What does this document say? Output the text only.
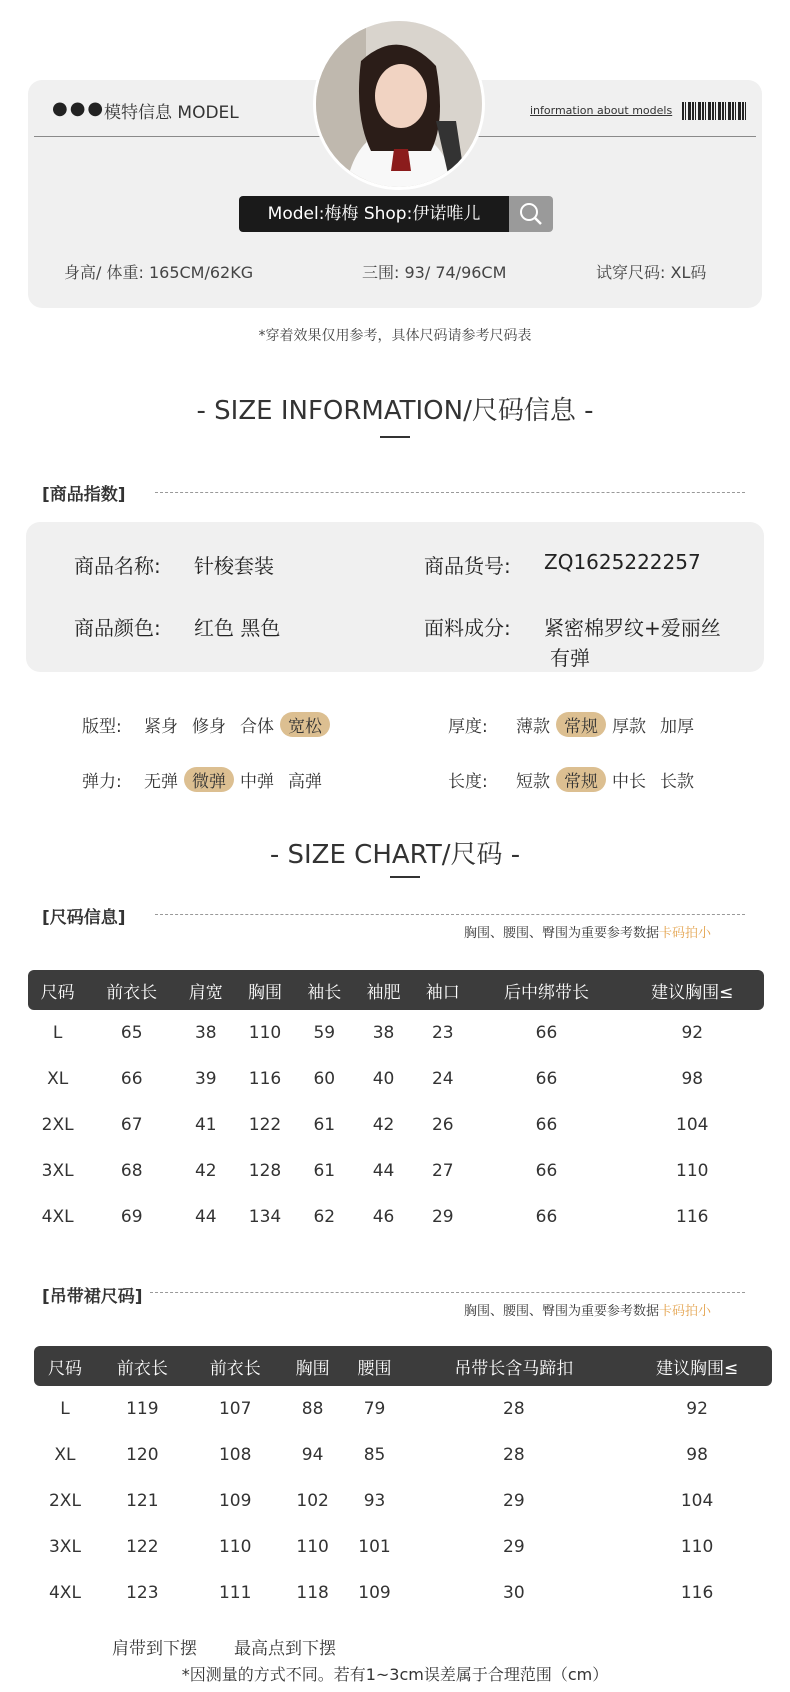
●●●
模特信息 MODEL	information about models
Model:梅梅 Shop:伊诺唯儿
身高/ 体重: 165CM/62KG	三围: 93/ 74/96CM	试穿尺码: XL码
*穿着效果仅用参考，具体尺码请参考尺码表
- SIZE INFORMATION/尺码信息 -
[商品指数]
商品名称: 针梭套装	商品货号: ZQ1625222257
商品颜色: 红色 黑色	面料成分: 紧密棉罗纹+爱丽丝
有弹
版型: 紧身 修身 合体 宽松	厚度: 薄款 常规 厚款 加厚
弹力: 无弹 微弹 中弹 高弹	长度: 短款 常规 中长 长款
- SIZE CHART/尺码 -
[尺码信息]
胸围、腰围、臀围为重要参考数据卡码拍小
尺码	前衣长	肩宽	胸围	袖长	袖肥	袖口	后中绑带长	建议胸围≤
L	65	38	110	59	38	23	66	92
XL	66	39	116	60	40	24	66	98
2XL	67	41	122	61	42	26	66	104
3XL	68	42	128	61	44	27	66	110
4XL	69	44	134	62	46	29	66	116
[吊带裙尺码]
胸围、腰围、臀围为重要参考数据卡码拍小
尺码	前衣长	前衣长	胸围	腰围	吊带长含马蹄扣	建议胸围≤
L	119	107	88	79	28	92
XL	120	108	94	85	28	98
2XL	121	109	102	93	29	104
3XL	122	110	110	101	29	110
4XL	123	111	118	109	30	116
肩带到下摆 最高点到下摆
*因测量的方式不同。若有1~3cm误差属于合理范围（cm）
